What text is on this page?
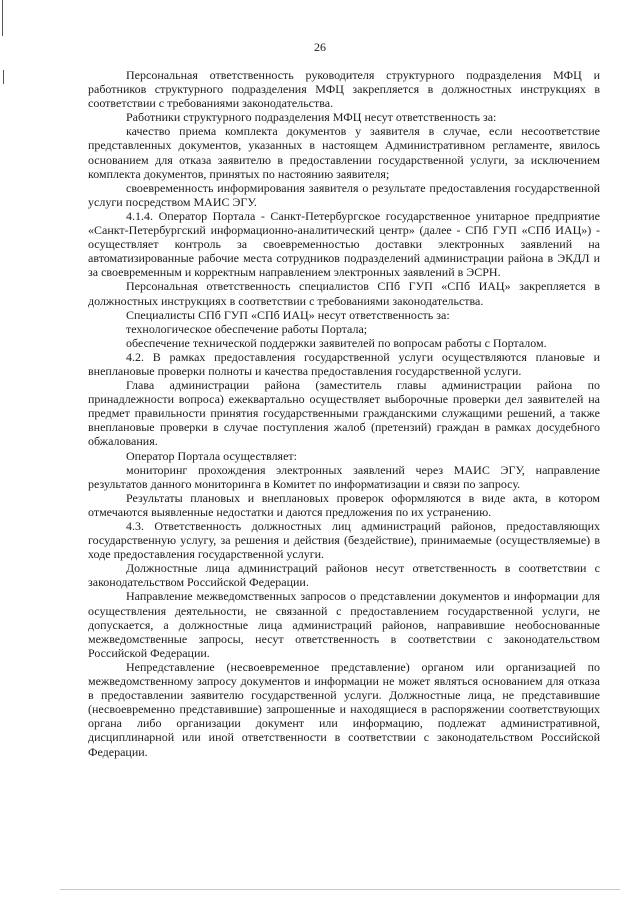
26

Персональная ответственность руководителя структурного подразделения МФЦ и работников структурного подразделения МФЦ закрепляется в должностных инструкциях в соответствии с требованиями законодательства.

Работники структурного подразделения МФЦ несут ответственность за:

качество приема комплекта документов у заявителя в случае, если несоответствие представленных документов, указанных в настоящем Административном регламенте, явилось основанием для отказа заявителю в предоставлении государственной услуги, за исключением комплекта документов, принятых по настоянию заявителя;

своевременность информирования заявителя о результате предоставления государственной услуги посредством МАИС ЭГУ.

4.1.4. Оператор Портала - Санкт-Петербургское государственное унитарное предприятие «Санкт-Петербургский информационно-аналитический центр» (далее - СПб ГУП «СПб ИАЦ») - осуществляет контроль за своевременностью доставки электронных заявлений на автоматизированные рабочие места сотрудников подразделений администрации района в ЭКДЛ и за своевременным и корректным направлением электронных заявлений в ЭСРН.

Персональная ответственность специалистов СПб ГУП «СПб ИАЦ» закрепляется в должностных инструкциях в соответствии с требованиями законодательства.

Специалисты СПб ГУП «СПб ИАЦ» несут ответственность за:

технологическое обеспечение работы Портала;

обеспечение технической поддержки заявителей по вопросам работы с Порталом.

4.2. В рамках предоставления государственной услуги осуществляются плановые и внеплановые проверки полноты и качества предоставления государственной услуги.

Глава администрации района (заместитель главы администрации района по принадлежности вопроса) ежеквартально осуществляет выборочные проверки дел заявителей на предмет правильности принятия государственными гражданскими служащими решений, а также внеплановые проверки в случае поступления жалоб (претензий) граждан в рамках досудебного обжалования.

Оператор Портала осуществляет:

мониторинг прохождения электронных заявлений через МАИС ЭГУ, направление результатов данного мониторинга в Комитет по информатизации и связи по запросу.

Результаты плановых и внеплановых проверок оформляются в виде акта, в котором отмечаются выявленные недостатки и даются предложения по их устранению.

4.3. Ответственность должностных лиц администраций районов, предоставляющих государственную услугу, за решения и действия (бездействие), принимаемые (осуществляемые) в ходе предоставления государственной услуги.

Должностные лица администраций районов несут ответственность в соответствии с законодательством Российской Федерации.

Направление межведомственных запросов о представлении документов и информации для осуществления деятельности, не связанной с предоставлением государственной услуги, не допускается, а должностные лица администраций районов, направившие необоснованные межведомственные запросы, несут ответственность в соответствии с законодательством Российской Федерации.

Непредставление (несвоевременное представление) органом или организацией по межведомственному запросу документов и информации не может являться основанием для отказа в предоставлении заявителю государственной услуги. Должностные лица, не представившие (несвоевременно представившие) запрошенные и находящиеся в распоряжении соответствующих органа либо организации документ или информацию, подлежат административной, дисциплинарной или иной ответственности в соответствии с законодательством Российской Федерации.
